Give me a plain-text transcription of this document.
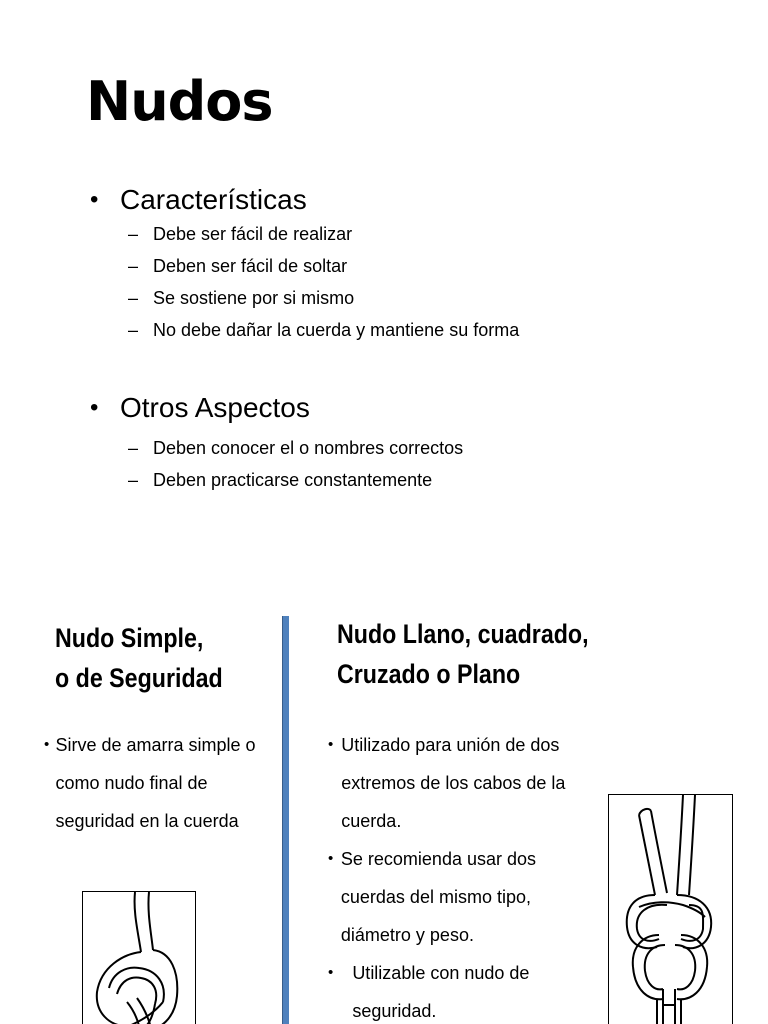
Nudos
• Características
– Debe ser fácil de realizar
– Deben ser fácil de soltar
– Se sostiene por si mismo
– No debe dañar la cuerda y mantiene su forma
• Otros Aspectos
– Deben conocer el o nombres correctos
– Deben practicarse constantemente
Nudo Simple,
o de Seguridad
Nudo Llano, cuadrado,
Cruzado o Plano
• Sirve de amarra simple o como nudo final de seguridad en la cuerda
• Utilizado para unión de dos extremos de los cabos de la cuerda.
• Se recomienda usar dos cuerdas del mismo tipo, diámetro y peso.
•	Utilizable con nudo de seguridad.
